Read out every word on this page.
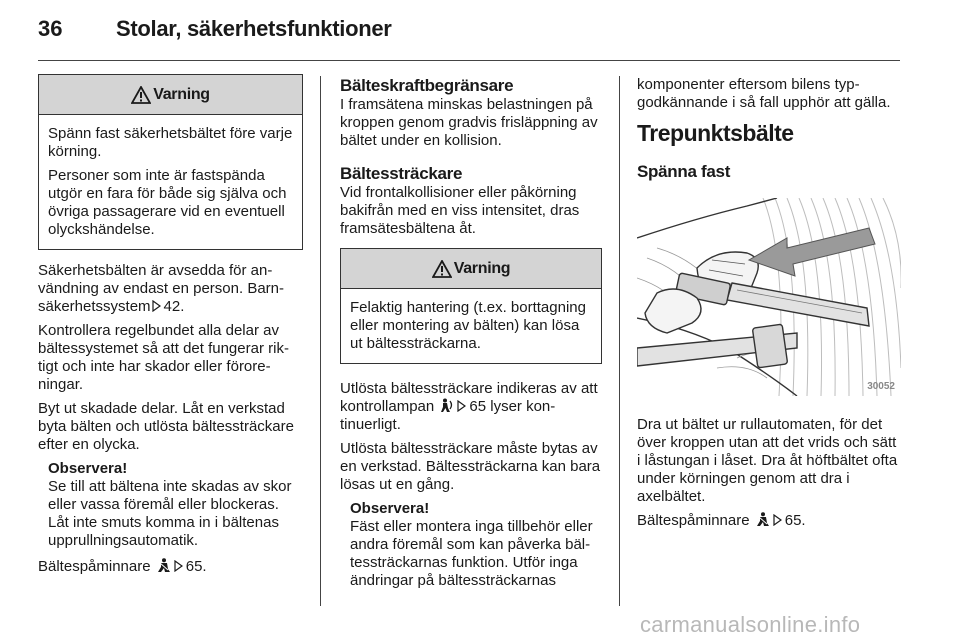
36	Stolar, säkerhetsfunktioner
Varning

Spänn fast säkerhetsbältet före varje körning.

Personer som inte är fastspända utgör en fara för både sig själva och övriga passagerare vid en eventuell olyckshändelse.

Säkerhetsbälten är avsedda för användning av endast en person. Barnsäkerhetssystem 42.

Kontrollera regelbundet alla delar av bältessystemet så att det fungerar riktigt och inte har skador eller föroreningar.

Byt ut skadade delar. Låt en verkstad byta bälten och utlösta bältessträckare efter en olycka.

Observera!
Se till att bältena inte skadas av skor eller vassa föremål eller blockeras. Låt inte smuts komma in i bältenas upprullningsautomatik.

Bältespåminnare 65.

Bälteskraftbegränsare

I framsätena minskas belastningen på kroppen genom gradvis frisläppning av bältet under en kollision.

Bältessträckare

Vid frontalkollisioner eller påkörning bakifrån med en viss intensitet, dras framsätesbältena åt.

Varning

Felaktig hantering (t.ex. borttagning eller montering av bälten) kan lösa ut bältessträckarna.

Utlösta bältessträckare indikeras av att kontrollampan 65 lyser kontinuerligt.

Utlösta bältessträckare måste bytas av en verkstad. Bältessträckarna kan bara lösas ut en gång.

Observera!
Fäst eller montera inga tillbehör eller andra föremål som kan påverka bältessträckarnas funktion. Utför inga ändringar på bältessträckarnas

komponenter eftersom bilens typgodkännande i så fall upphör att gälla.

Trepunktsbälte
Spänna fast
30052

Dra ut bältet ur rullautomaten, för det över kroppen utan att det vrids och sätt i låstungan i låset. Dra åt höftbältet ofta under körningen genom att dra i axelbältet.

Bältespåminnare 65.

carmanualsonline.info
